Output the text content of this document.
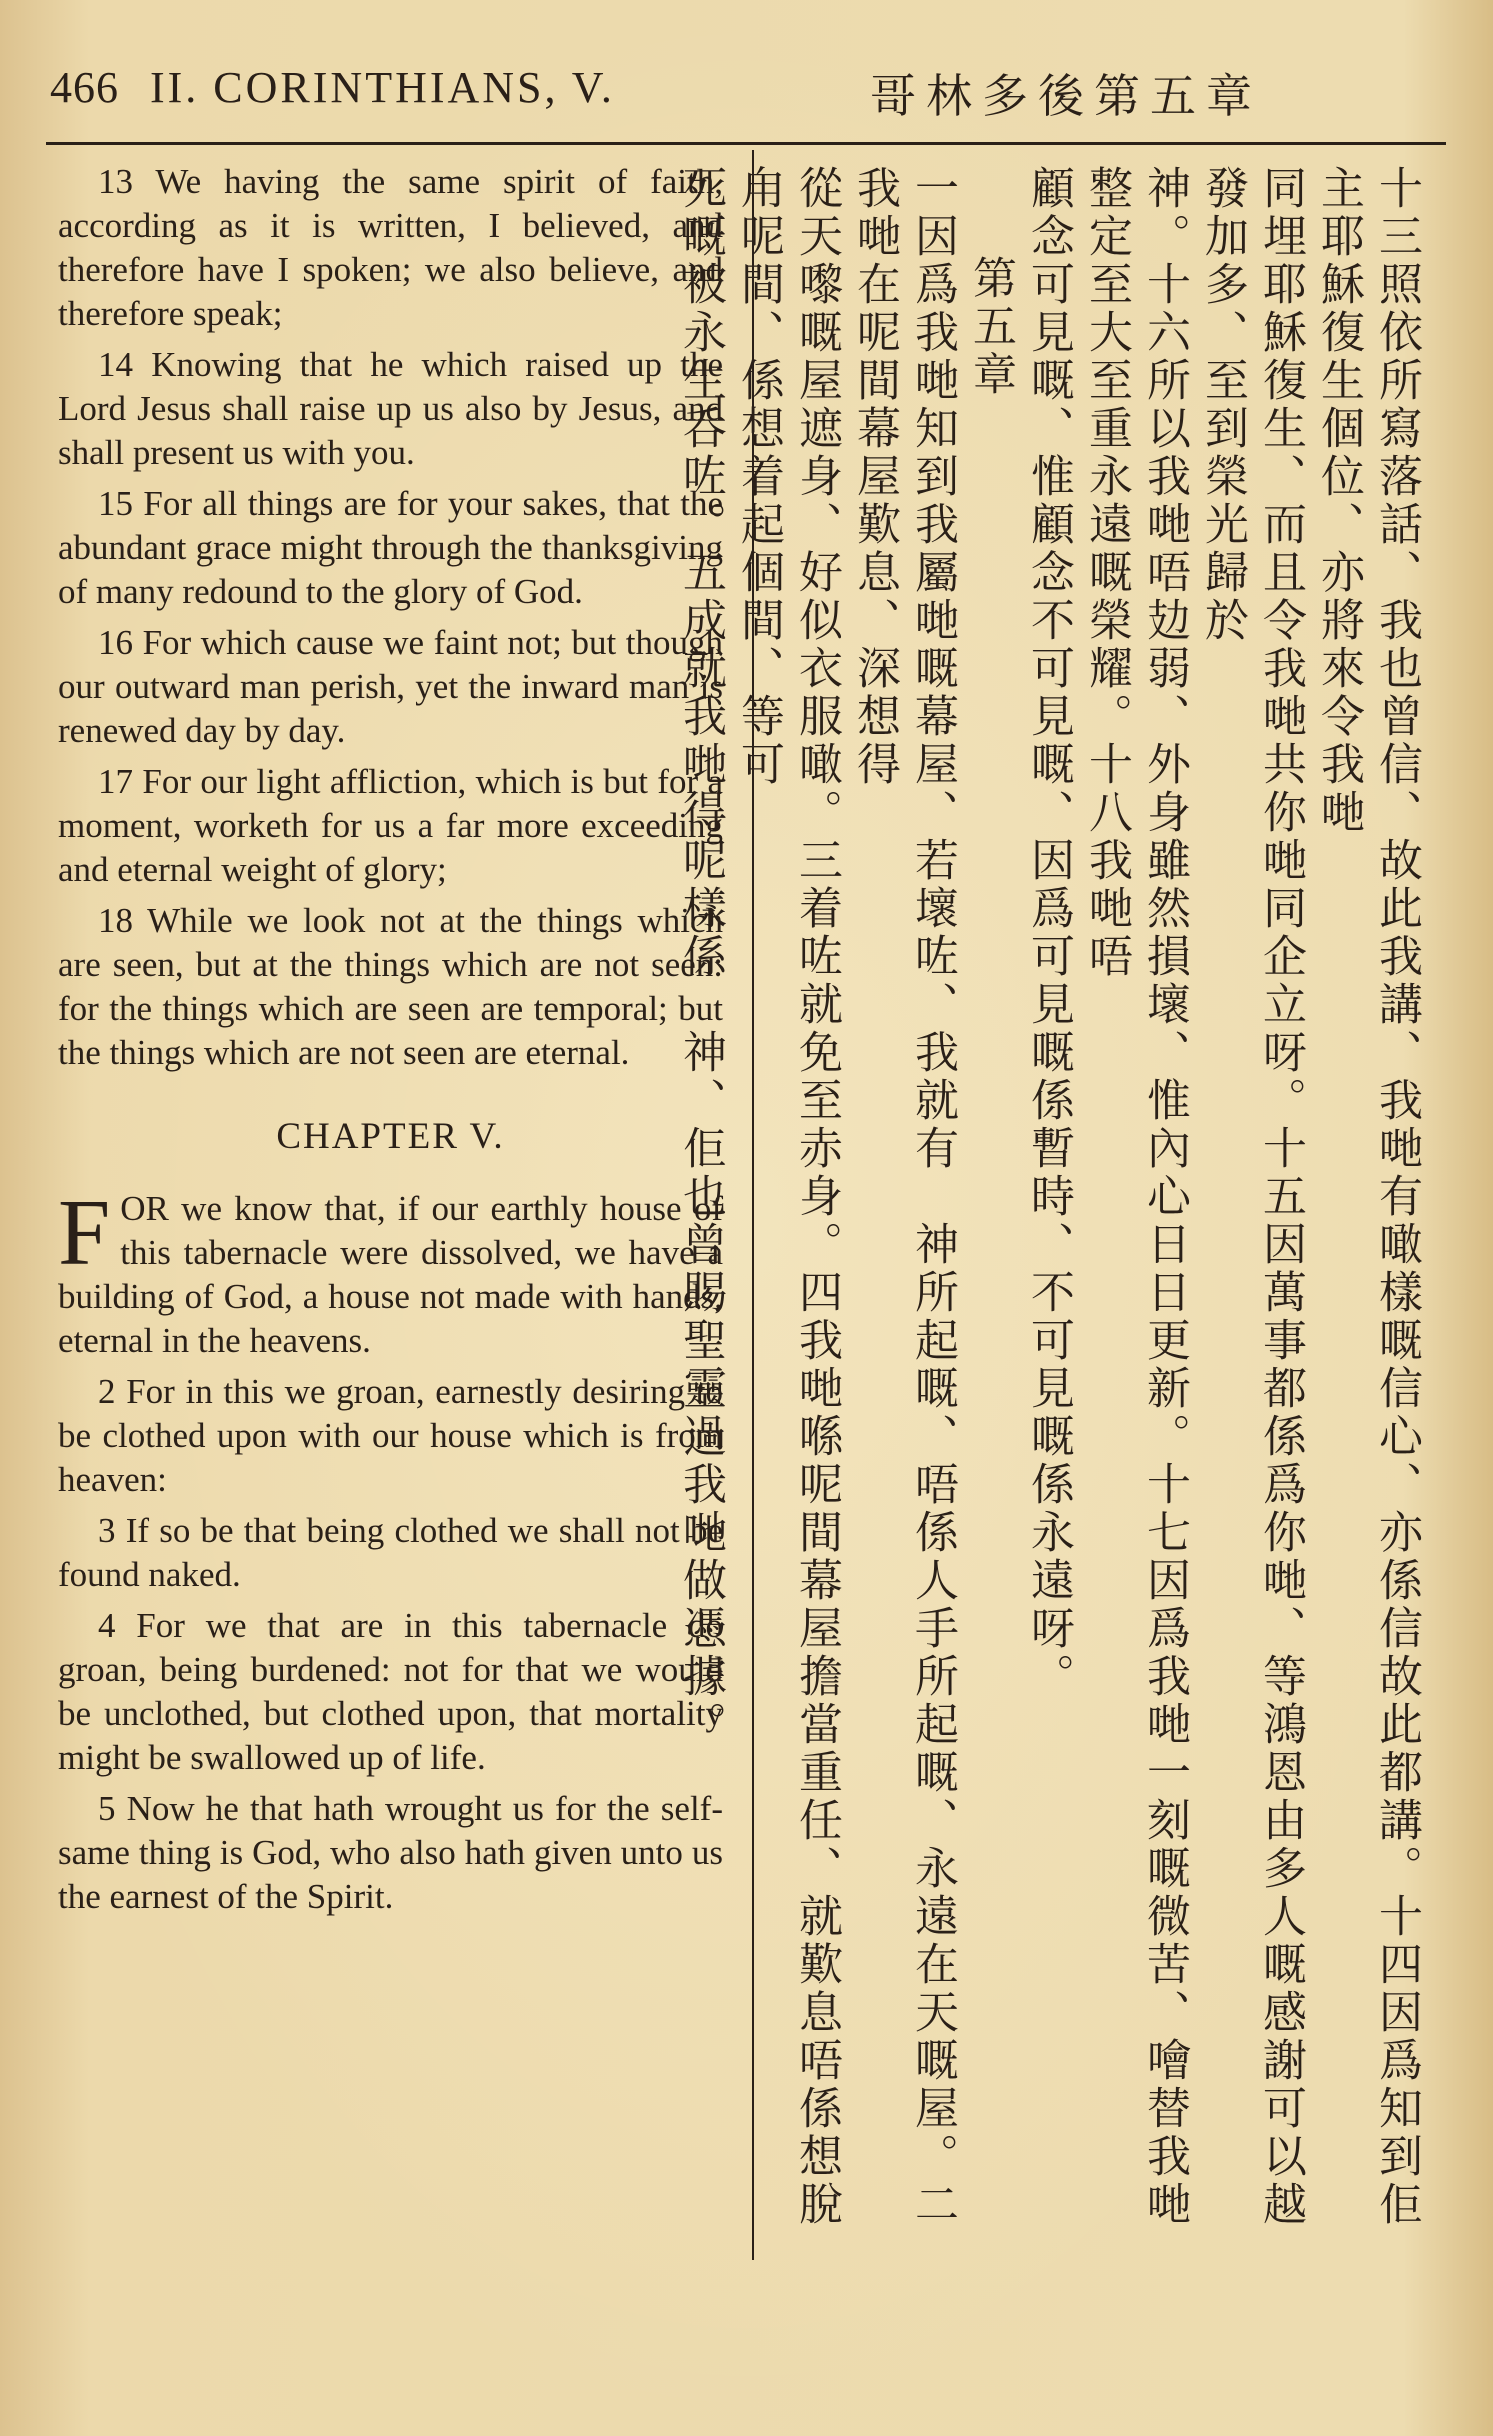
466 II. CORINTHIANS, V.	哥林多後第五章

13 We having the same spirit of faith, according as it is written, I believed, and therefore have I spoken; we also believe, and therefore speak;

14 Knowing that he which raised up the Lord Jesus shall raise up us also by Jesus, and shall present us with you.

15 For all things are for your sakes, that the abundant grace might through the thanksgiving of many redound to the glory of God.

16 For which cause we faint not; but though our outward man perish, yet the inward man is renewed day by day.

17 For our light affliction, which is but for a moment, worketh for us a far more exceeding and eternal weight of glory;

18 While we look not at the things which are seen, but at the things which are not seen: for the things which are seen are temporal; but the things which are not seen are eternal.

CHAPTER V.

FOR we know that, if our earthly house of this tabernacle were dissolved, we have a building of God, a house not made with hands, eternal in the heavens.

2 For in this we groan, earnestly desiring to be clothed upon with our house which is from heaven:

3 If so be that being clothed we shall not be found naked.

4 For we that are in this tabernacle do groan, being burdened: not for that we would be unclothed, but clothed upon, that mortality might be swallowed up of life.

5 Now he that hath wrought us for the self-same thing is God, who also hath given unto us the earnest of the Spirit.	十三照依所寫落話、我也曾信、故此我講、我哋有噉樣嘅信心、亦係信故此都講。十四因爲知到佢　主耶穌復生個位、亦將來令我哋
同埋耶穌復生、而且令我哋共你哋同企立呀。十五因萬事都係爲你哋、等鴻恩由多人嘅感謝可以越發加多、至到榮光歸於
神。十六所以我哋唔攰弱、外身雖然損壞、惟內心日日更新。十七因爲我哋一刻嘅微苦、噲替我哋整定至大至重永遠嘅榮耀。十八我哋唔
顧念可見嘅、惟顧念不可見嘅、因爲可見嘅係暫時、不可見嘅係永遠呀。
第五章
一因爲我哋知到我屬哋嘅幕屋、若壞咗、我就有　神所起嘅、唔係人手所起嘅、永遠在天嘅屋。二我哋在呢間幕屋歎息、深想得
從天嚟嘅屋遮身、好似衣服噉。三着咗就免至赤身。四我哋喺呢間幕屋擔當重任、就歎息唔係想脫甪呢間、係想着起個間、等可
死嘅被永生呑咗。五成就我哋得呢樣係　神、佢也曾賜聖靈過我哋做憑據。
